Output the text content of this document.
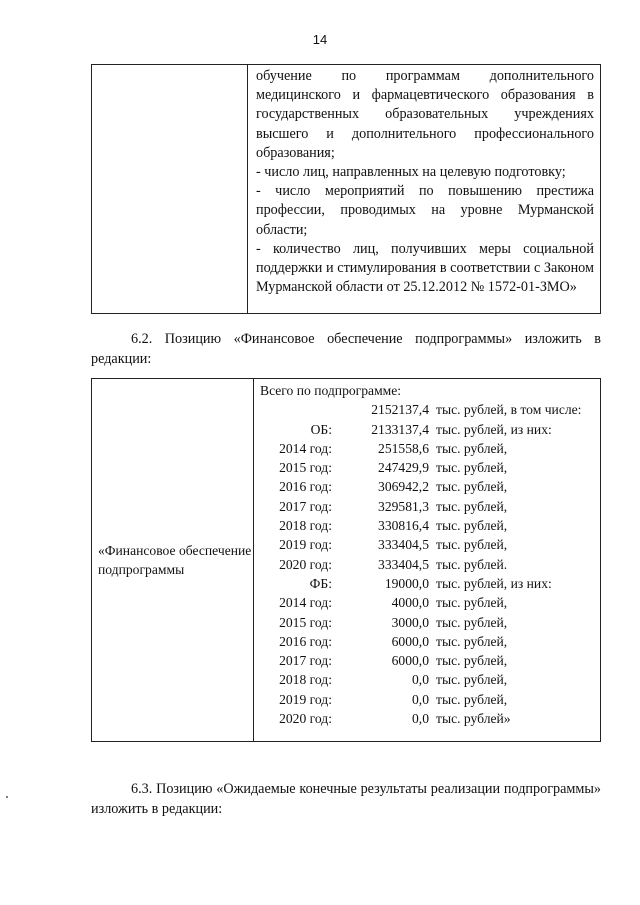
14

обучение по программам дополнительного медицинского и фармацевтического образования в государственных образовательных учреждениях высшего и дополнительного профессионального образования;

- число лиц, направленных на целевую подготовку;

- число мероприятий по повышению престижа профессии, проводимых на уровне Мурманской области;

- количество лиц, получивших меры социальной поддержки и стимулирования в соответствии с Законом Мурманской области от 25.12.2012 № 1572-01-ЗМО»

6.2. Позицию «Финансовое обеспечение подпрограммы» изложить в редакции:

«Финансовое обеспечение подпрограммы

Всего по подпрограмме:
2152137,4 тыс. рублей, в том числе:
ОБ:	2133137,4 тыс. рублей, из них:
2014 год:	251558,6 тыс. рублей,
2015 год:	247429,9 тыс. рублей,
2016 год:	306942,2 тыс. рублей,
2017 год:	329581,3 тыс. рублей,
2018 год:	330816,4 тыс. рублей,
2019 год:	333404,5 тыс. рублей,
2020 год:	333404,5 тыс. рублей.
ФБ:	19000,0 тыс. рублей, из них:
2014 год:	4000,0 тыс. рублей,
2015 год:	3000,0 тыс. рублей,
2016 год:	6000,0 тыс. рублей,
2017 год:	6000,0 тыс. рублей,
2018 год:	0,0 тыс. рублей,
2019 год:	0,0 тыс. рублей,
2020 год:	0,0 тыс. рублей»

6.3. Позицию «Ожидаемые конечные результаты реализации подпрограммы» изложить в редакции:
